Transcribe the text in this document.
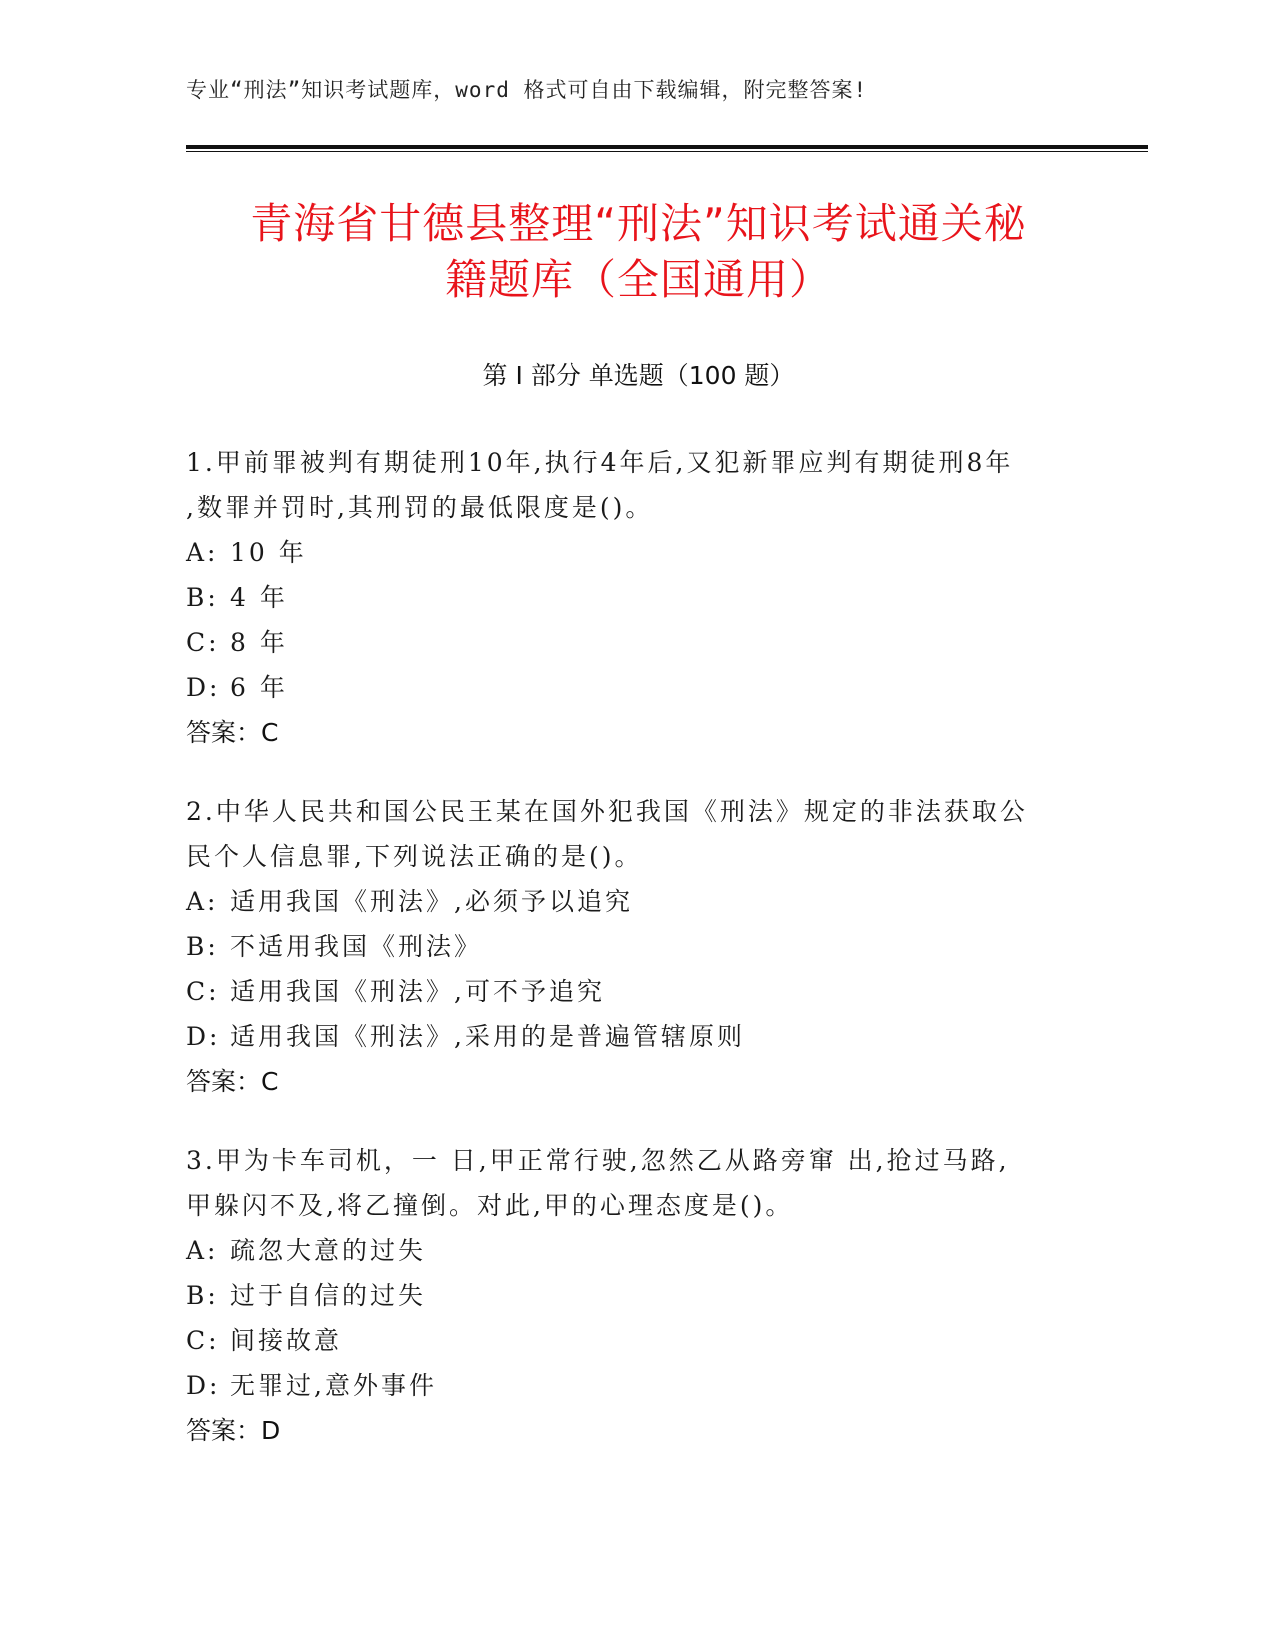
专业“刑法”知识考试题库，word 格式可自由下载编辑，附完整答案!
青海省甘德县整理“刑法”知识考试通关秘
籍题库（全国通用）
第 I 部分 单选题（100 题）
1.甲前罪被判有期徒刑10年,执行4年后,又犯新罪应判有期徒刑8年
,数罪并罚时,其刑罚的最低限度是()。
A: 10 年
B: 4 年
C: 8 年
D: 6 年
答案：C
2.中华人民共和国公民王某在国外犯我国《刑法》规定的非法获取公
民个人信息罪,下列说法正确的是()。
A: 适用我国《刑法》,必须予以追究
B: 不适用我国《刑法》
C: 适用我国《刑法》,可不予追究
D: 适用我国《刑法》,采用的是普遍管辖原则
答案：C
3.甲为卡车司机，一 日,甲正常行驶,忽然乙从路旁窜 出,抢过马路,
甲躲闪不及,将乙撞倒。对此,甲的心理态度是()。
A: 疏忽大意的过失
B: 过于自信的过失
C: 间接故意
D: 无罪过,意外事件
答案：D
